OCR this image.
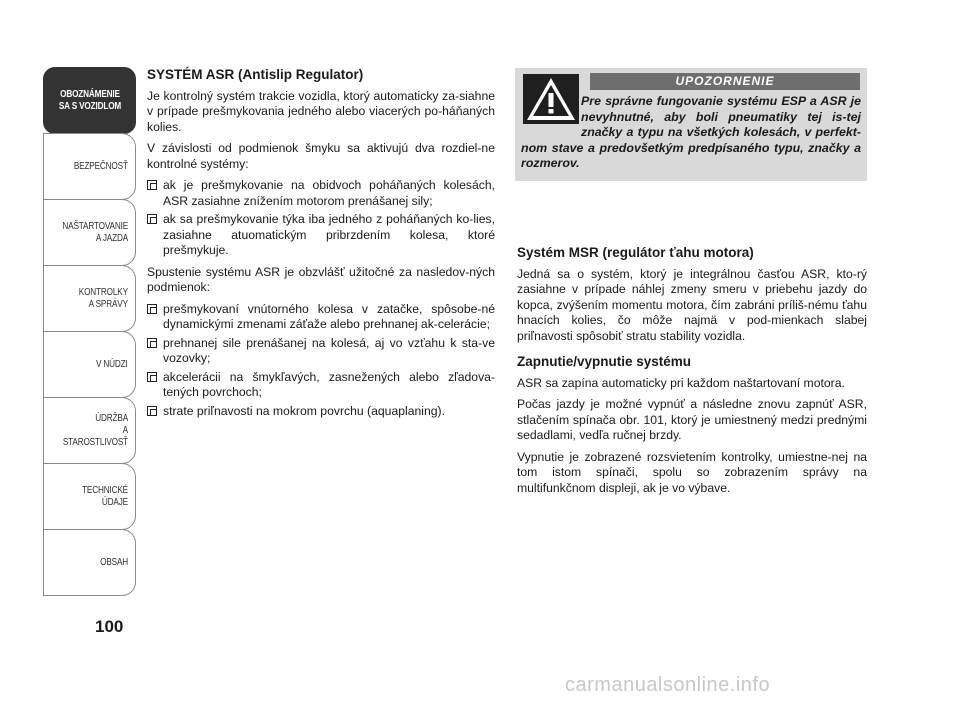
OBOZNÁMENIE
SA S VOZIDLOM
BEZPEČNOSŤ
NAŠTARTOVANIE
A JAZDA
KONTROLKY
A SPRÁVY
V NÚDZI
ÚDRŽBA
A STAROSTLIVOSŤ
TECHNICKÉ
ÚDAJE
OBSAH
100
SYSTÉM ASR (Antislip Regulator)

Je kontrolný systém trakcie vozidla, ktorý automaticky za-siahne v prípade prešmykovania jedného alebo viacerých po-háňaných kolies.

V závislosti od podmienok šmyku sa aktivujú dva rozdiel-ne kontrolné systémy:

ak je prešmykovanie na obidvoch poháňaných kolesách, ASR zasiahne znížením motorom prenášanej sily;
ak sa prešmykovanie týka iba jedného z poháňaných ko-lies, zasiahne atuomatickým pribrzdením kolesa, ktoré prešmykuje.

Spustenie systému ASR je obzvlášť užitočné za nasledov-ných podmienok:

prešmykovaní vnútorného kolesa v zatačke, spôsobe-né dynamickými zmenami záťaže alebo prehnanej ak-celerácie;
prehnanej sile prenášanej na kolesá, aj vo vzťahu k sta-ve vozovky;
akcelerácii na šmykľavých, zasnežených alebo zľadova-tených povrchoch;
strate priľnavosti na mokrom povrchu (aquaplaning).
UPOZORNENIE
Pre správne fungovanie systému ESP a ASR je nevyhnutné, aby boli pneumatiky tej is-tej značky a typu na všetkých kolesách, v perfekt-nom stave a predovšetkým predpísaného typu, značky a rozmerov.
Systém MSR (regulátor ťahu motora)

Jedná sa o systém, ktorý je integrálnou časťou ASR, kto-rý zasiahne v prípade náhlej zmeny smeru v priebehu jazdy do kopca, zvýšením momentu motora, čím zabráni príliš-nému ťahu hnacích kolies, čo môže najmä v pod-mienkach slabej priľnavosti spôsobiť stratu stability vozidla.

Zapnutie/vypnutie systému

ASR sa zapína automaticky pri každom naštartovaní motora.

Počas jazdy je možné vypnúť a následne znovu zapnúť ASR, stlačením spínača obr. 101, ktorý je umiestnený medzi prednými sedadlami, vedľa ručnej brzdy.

Vypnutie je zobrazené rozsvietením kontrolky, umiestne-nej na tom istom spínači, spolu so zobrazením správy na multifunkčnom displeji, ak je vo výbave.

carmanualsonline.info
